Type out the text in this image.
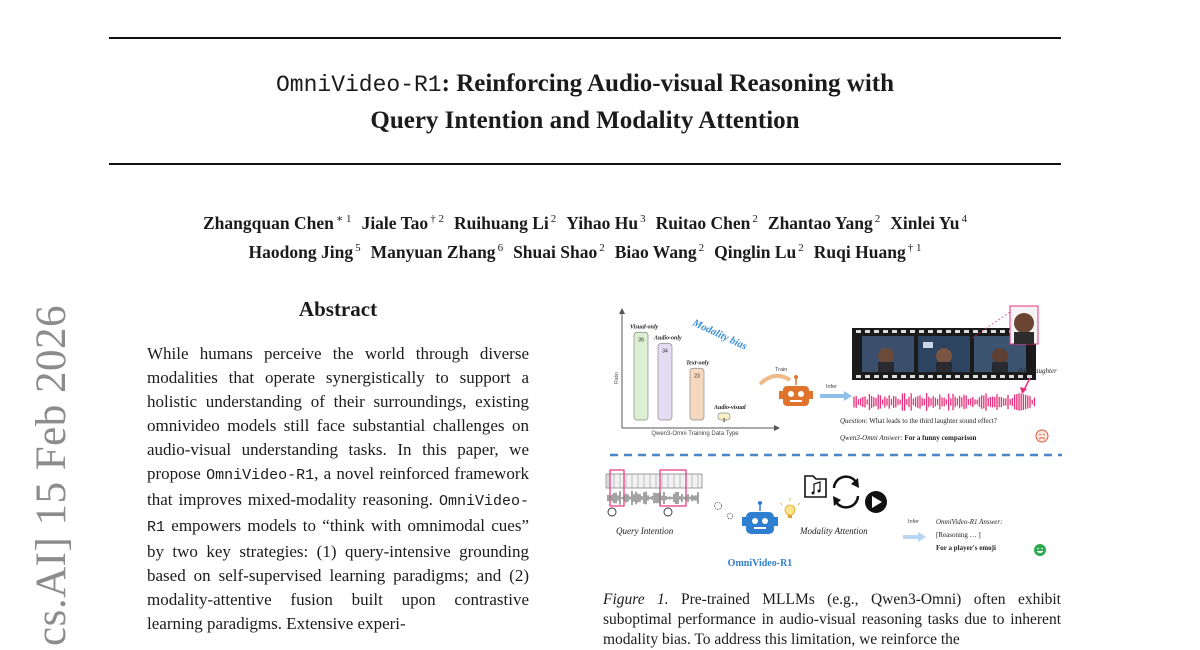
OmniVideo-R1: Reinforcing Audio-visual Reasoning with
Query Intention and Modality Attention
Zhangquan Chen $^{∗ 1}$ Jiale Tao $^{\dagger 2}$ Ruihuang Li $^2$ Yihao Hu $^3$ Ruitao Chen $^2$ Zhantao Yang $^2$ Xinlei Yu $^4$
Haodong Jing $^5$ Manyuan Zhang $^6$ Shuai Shao $^2$ Biao Wang $^2$ Qinglin Lu $^2$ Ruqi Huang $^{\dagger 1}$
cs.AI] 15 Feb 2026	Abstract

While humans perceive the world through diverse modalities that operate synergistically to support a holistic understanding of their surroundings, existing omnivideo models still face substantial challenges on audio-visual understanding tasks. In this paper, we propose OmniVideo-R1, a novel reinforced framework that improves mixed-modality reasoning. OmniVideo-R1 empowers models to “think with omnimodal cues” by two key strategies: (1) query-intensive grounding based on self-supervised learning paradigms; and (2) modality-attentive fusion built upon contrastive learning paradigms. Extensive experi-

Ratio
Qwen3-Omni Training Data Type
39
Visual-only
34
Audio-only
23
Text-only
3
Audio-visual
Modality bias
Train
Infer
third laughter
Question: What leads to the third laughter sound effect?
Qwen3-Omni Answer: For a funny comparison
Query Intention
OmniVideo-R1
Modality Attention
Infer OmniVideo-R1 Answer:
[Reasoning … ]
For a player's emoji
Figure 1. Pre-trained MLLMs (e.g., Qwen3-Omni) often exhibit suboptimal performance in audio-visual reasoning tasks due to inherent modality bias. To address this limitation, we reinforce the
